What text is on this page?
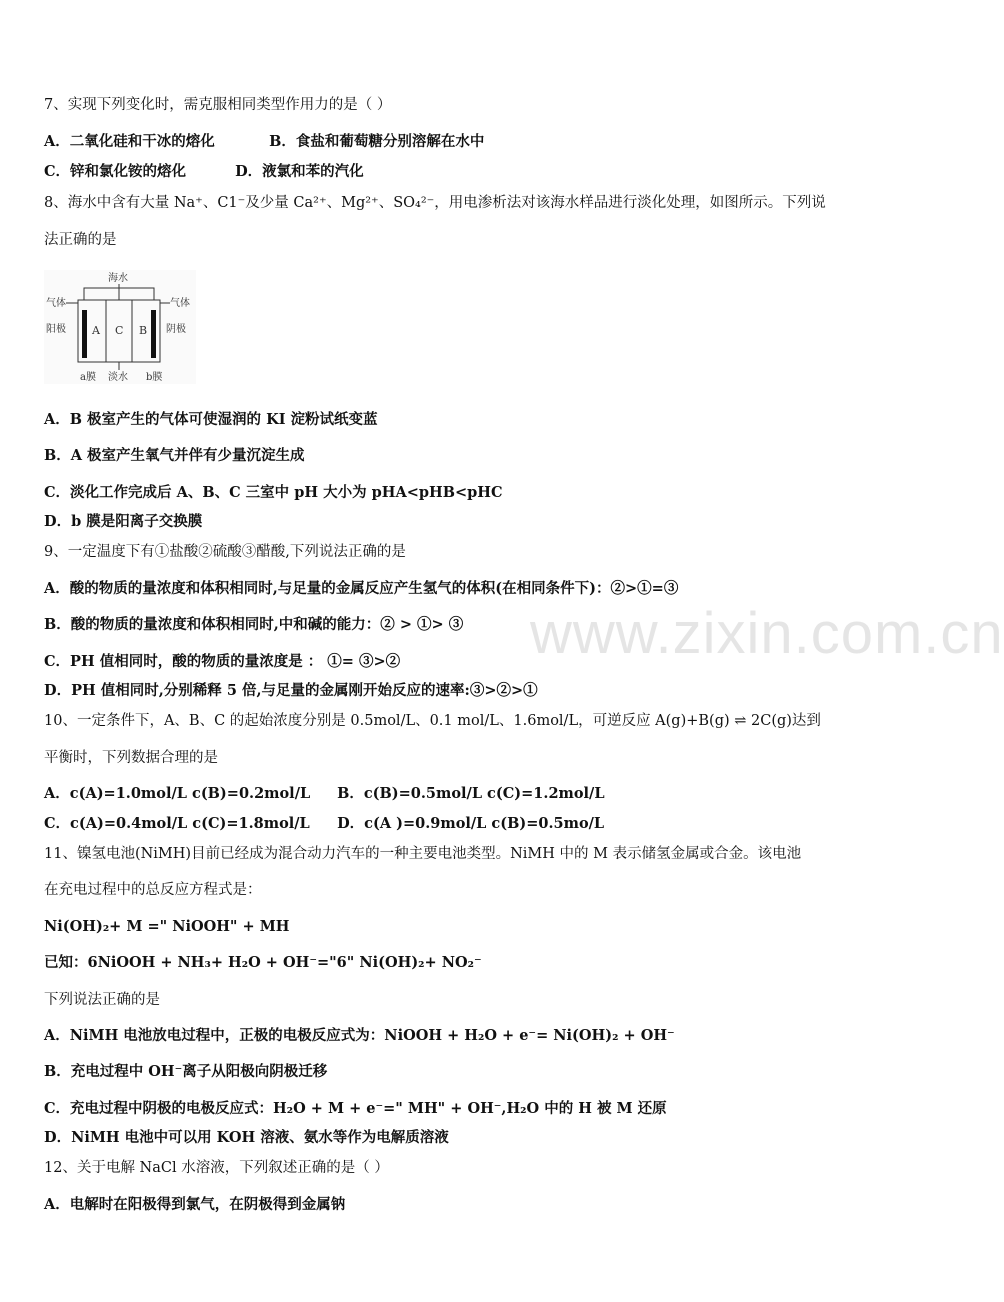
www.zixin.com.cn
7、实现下列变化时，需克服相同类型作用力的是（ ）
A．二氧化硅和干冰的熔化	B．食盐和葡萄糖分别溶解在水中
C．锌和氯化铵的熔化	D．液氯和苯的汽化
8、海水中含有大量 Na⁺、C1⁻及少量 Ca²⁺、Mg²⁺、SO₄²⁻，用电渗析法对该海水样品进行淡化处理，如图所示。下列说
法正确的是
海水
气体	气体
阳极	阴极
A C B
a膜 淡水 b膜
A．B 极室产生的气体可使湿润的 KI 淀粉试纸变蓝
B．A 极室产生氧气并伴有少量沉淀生成
C．淡化工作完成后 A、B、C 三室中 pH 大小为 pHA<pHB<pHC
D．b 膜是阳离子交换膜
9、一定温度下有①盐酸②硫酸③醋酸,下列说法正确的是
A．酸的物质的量浓度和体积相同时,与足量的金属反应产生氢气的体积(在相同条件下)：②>①=③
B．酸的物质的量浓度和体积相同时,中和碱的能力：② > ①> ③
C．PH 值相同时，酸的物质的量浓度是 ： ①= ③>②
D．PH 值相同时,分别稀释 5 倍,与足量的金属刚开始反应的速率:③>②>①
10、一定条件下，A、B、C 的起始浓度分别是 0.5mol/L、0.1 mol/L、1.6mol/L，可逆反应 A(g)+B(g) ⇌ 2C(g)达到
平衡时，下列数据合理的是
A．c(A)=1.0mol/L c(B)=0.2mol/L B．c(B)=0.5mol/L c(C)=1.2mol/L
C．c(A)=0.4mol/L c(C)=1.8mol/L D．c(A )=0.9mol/L c(B)=0.5mo/L
11、镍氢电池(NiMH)目前已经成为混合动力汽车的一种主要电池类型。NiMH 中的 M 表示储氢金属或合金。该电池
在充电过程中的总反应方程式是：
Ni(OH)₂+ M =" NiOOH" + MH
已知：6NiOOH + NH₃+ H₂O + OH⁻="6" Ni(OH)₂+ NO₂⁻
下列说法正确的是
A．NiMH 电池放电过程中，正极的电极反应式为：NiOOH + H₂O + e⁻= Ni(OH)₂ + OH⁻
B．充电过程中 OH⁻离子从阳极向阴极迁移
C．充电过程中阴极的电极反应式：H₂O + M + e⁻=" MH" + OH⁻,H₂O 中的 H 被 M 还原
D．NiMH 电池中可以用 KOH 溶液、氨水等作为电解质溶液
12、关于电解 NaCl 水溶液，下列叙述正确的是（ ）
A．电解时在阳极得到氯气，在阴极得到金属钠
